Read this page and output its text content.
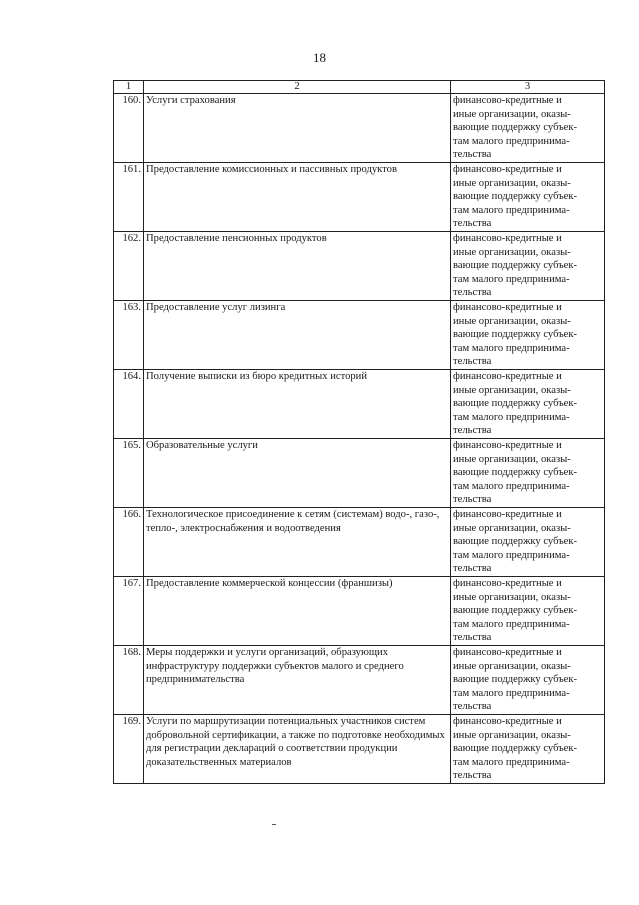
18
1	2	3
160.	Услуги страхования	финансово-кредитные и
иные организации, оказы-
вающие поддержку субъек-
там малого предпринима-
тельства
161.	Предоставление комиссионных и пассивных продуктов	финансово-кредитные и
иные организации, оказы-
вающие поддержку субъек-
там малого предпринима-
тельства
162.	Предоставление пенсионных продуктов	финансово-кредитные и
иные организации, оказы-
вающие поддержку субъек-
там малого предпринима-
тельства
163.	Предоставление услуг лизинга	финансово-кредитные и
иные организации, оказы-
вающие поддержку субъек-
там малого предпринима-
тельства
164.	Получение выписки из бюро кредитных историй	финансово-кредитные и
иные организации, оказы-
вающие поддержку субъек-
там малого предпринима-
тельства
165.	Образовательные услуги	финансово-кредитные и
иные организации, оказы-
вающие поддержку субъек-
там малого предпринима-
тельства
166.	Технологическое присоединение к сетям (системам) водо-, газо-, тепло-, электроснабжения и водоотведения	финансово-кредитные и
иные организации, оказы-
вающие поддержку субъек-
там малого предпринима-
тельства
167.	Предоставление коммерческой концессии (франшизы)	финансово-кредитные и
иные организации, оказы-
вающие поддержку субъек-
там малого предпринима-
тельства
168.	Меры поддержки и услуги организаций, образующих инфраструктуру поддержки субъектов малого и среднего предпринимательства	финансово-кредитные и
иные организации, оказы-
вающие поддержку субъек-
там малого предпринима-
тельства
169.	Услуги по маршрутизации потенциальных участников систем добровольной сертификации, а также по подготовке необходимых для регистрации деклараций о соответствии продукции доказательственных материалов	финансово-кредитные и
иные организации, оказы-
вающие поддержку субъек-
там малого предпринима-
тельства
